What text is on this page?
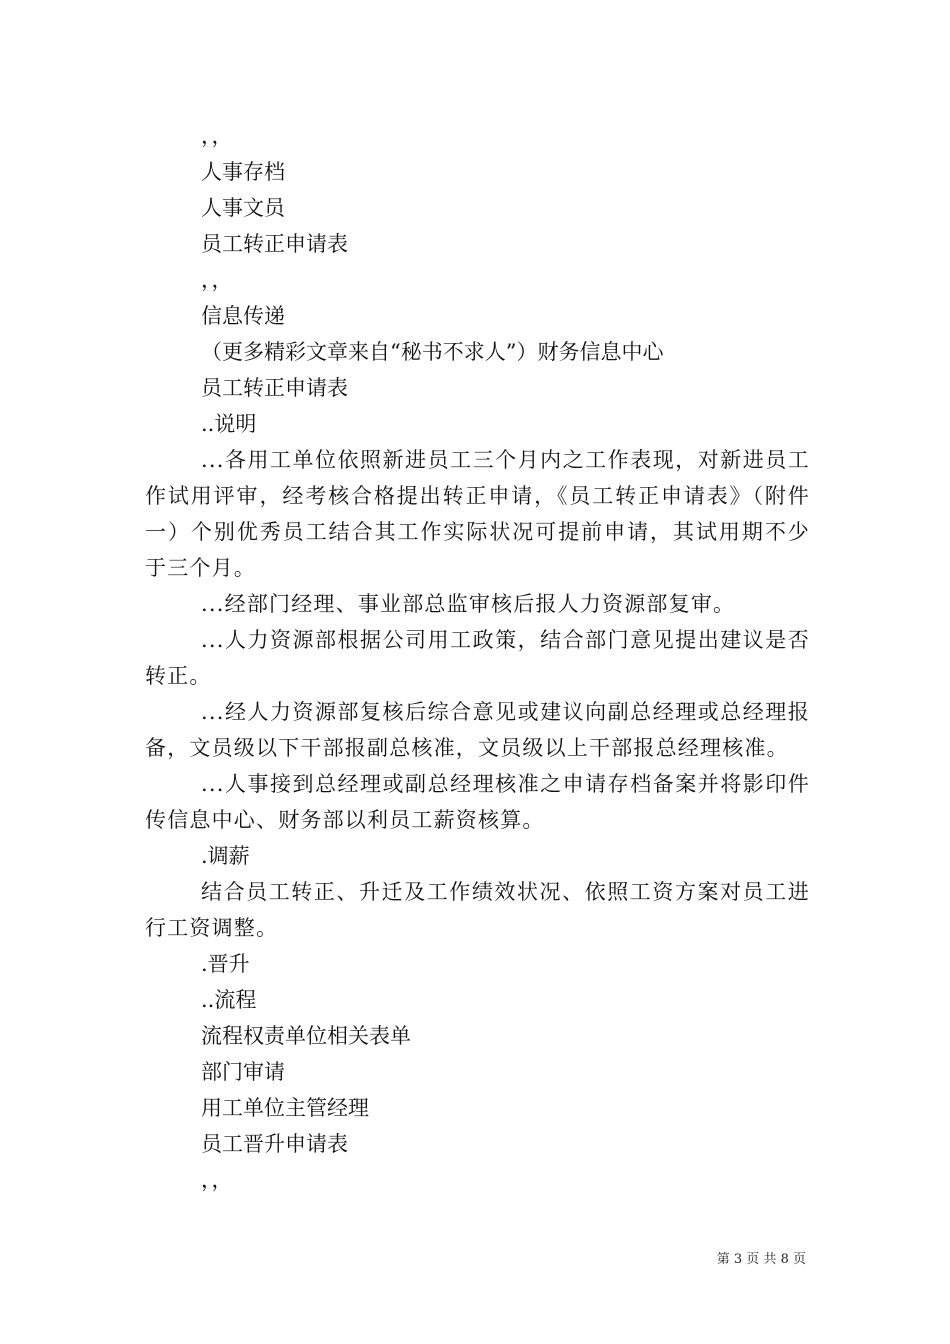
，，

人事存档

人事文员

员工转正申请表

，，

信息传递

（更多精彩文章来自“秘书不求人”）财务信息中心

员工转正申请表

..说明

...各用工单位依照新进员工三个月内之工作表现，对新进员工作试用评审，经考核合格提出转正申请，《员工转正申请表》（附件一）个别优秀员工结合其工作实际状况可提前申请，其试用期不少于三个月。

...经部门经理、事业部总监审核后报人力资源部复审。

...人力资源部根据公司用工政策，结合部门意见提出建议是否转正。

...经人力资源部复核后综合意见或建议向副总经理或总经理报备，文员级以下干部报副总核准，文员级以上干部报总经理核准。

...人事接到总经理或副总经理核准之申请存档备案并将影印件传信息中心、财务部以利员工薪资核算。

.调薪

结合员工转正、升迁及工作绩效状况、依照工资方案对员工进行工资调整。

.晋升

..流程

流程权责单位相关表单

部门审请

用工单位主管经理

员工晋升申请表

，，

第 3 页 共 8 页
